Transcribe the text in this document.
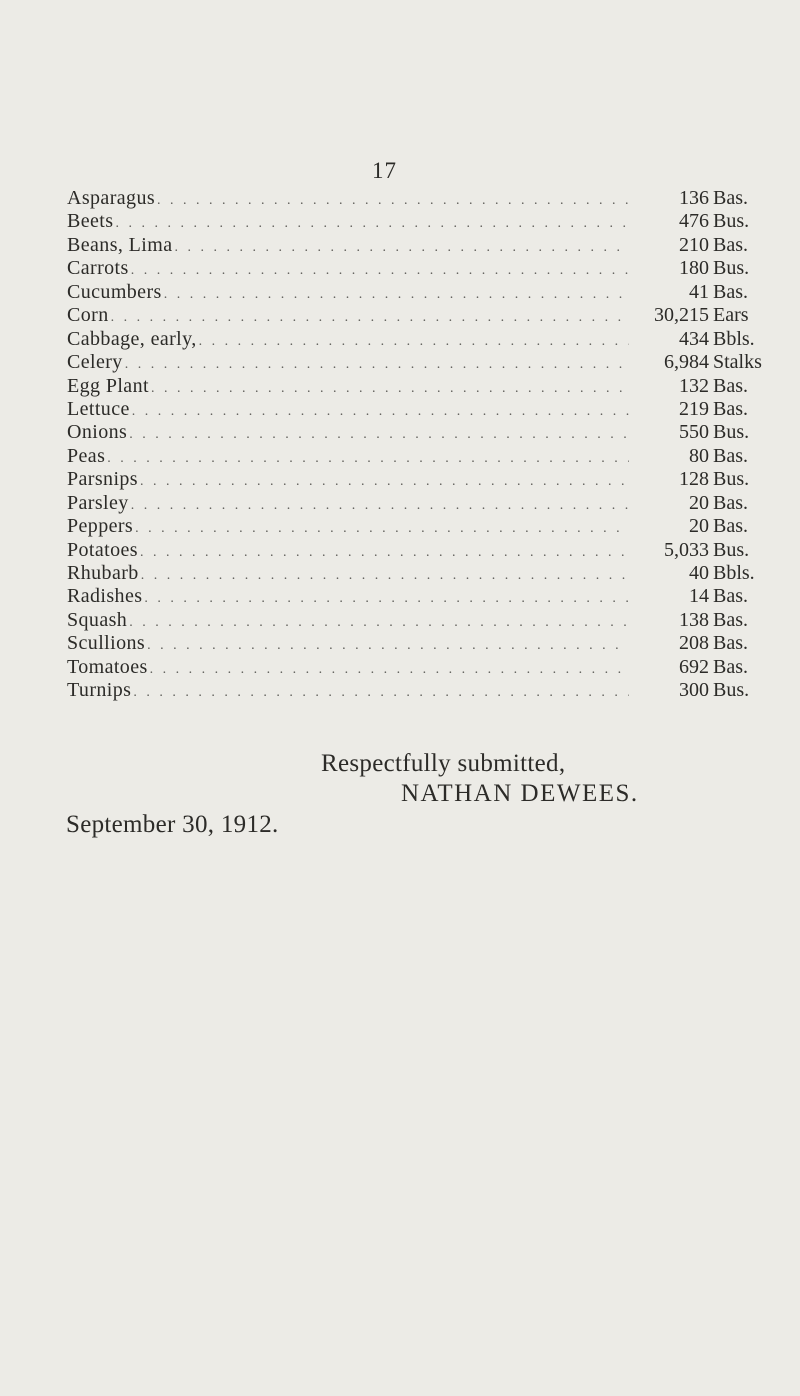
17
Asparagus . . .	136 Bas.
Beets . . .	476 Bus.
Beans, Lima . . .	210 Bas.
Carrots . . .	180 Bus.
Cucumbers . . .	41 Bas.
Corn . . .	30,215 Ears
Cabbage, early, . . .	434 Bbls.
Celery . . .	6,984 Stalks
Egg Plant . . .	132 Bas.
Lettuce . . .	219 Bas.
Onions . . .	550 Bus.
Peas . . .	80 Bas.
Parsnips . . .	128 Bus.
Parsley . . .	20 Bas.
Peppers . . .	20 Bas.
Potatoes . . .	5,033 Bus.
Rhubarb . . .	40 Bbls.
Radishes . . .	14 Bas.
Squash . . .	138 Bas.
Scullions . . .	208 Bas.
Tomatoes . . .	692 Bas.
Turnips . . .	300 Bus.
Respectfully submitted,
NATHAN DEWEES.
September 30, 1912.
